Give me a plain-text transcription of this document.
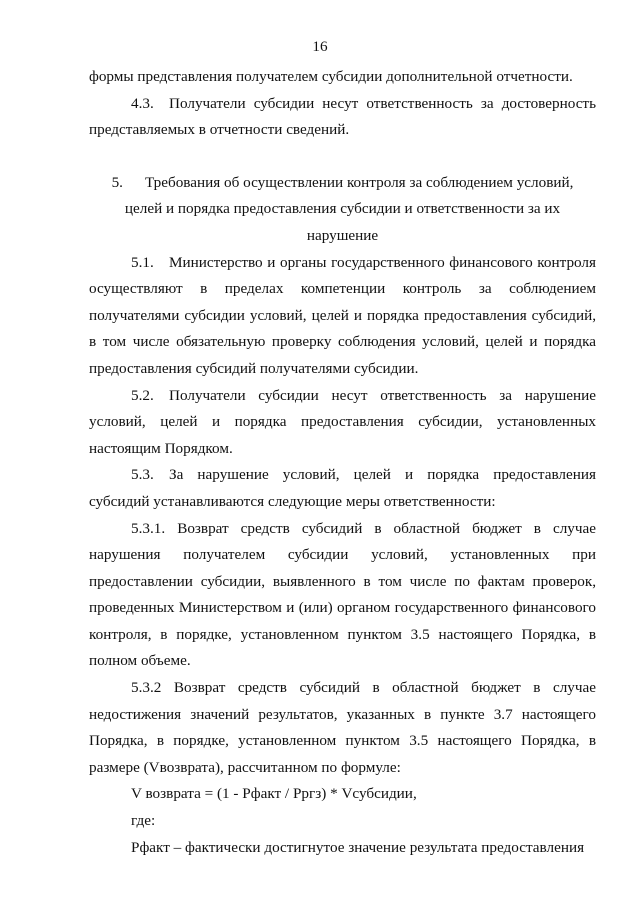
16

формы представления получателем субсидии дополнительной отчетности.

4.3. Получатели субсидии несут ответственность за достоверность представляемых в отчетности сведений.

5. Требования об осуществлении контроля за соблюдением условий,
целей и порядка предоставления субсидии и ответственности за их
нарушение

5.1. Министерство и органы государственного финансового контроля осуществляют в пределах компетенции контроль за соблюдением получателями субсидии условий, целей и порядка предоставления субсидий, в том числе обязательную проверку соблюдения условий, целей и порядка предоставления субсидий получателями субсидии.

5.2. Получатели субсидии несут ответственность за нарушение условий, целей и порядка предоставления субсидии, установленных настоящим Порядком.

5.3. За нарушение условий, целей и порядка предоставления субсидий устанавливаются следующие меры ответственности:

5.3.1. Возврат средств субсидий в областной бюджет в случае нарушения получателем субсидии условий, установленных при предоставлении субсидии, выявленного в том числе по фактам проверок, проведенных Министерством и (или) органом государственного финансового контроля, в порядке, установленном пунктом 3.5 настоящего Порядка, в полном объеме.

5.3.2 Возврат средств субсидий в областной бюджет в случае недостижения значений результатов, указанных в пункте 3.7 настоящего Порядка, в порядке, установленном пунктом 3.5 настоящего Порядка, в размере (Vвозврата), рассчитанном по формуле:

V возврата = (1 - Рфакт / Рргз) * Vсубсидии,

где:

Рфакт – фактически достигнутое значение результата предоставления
